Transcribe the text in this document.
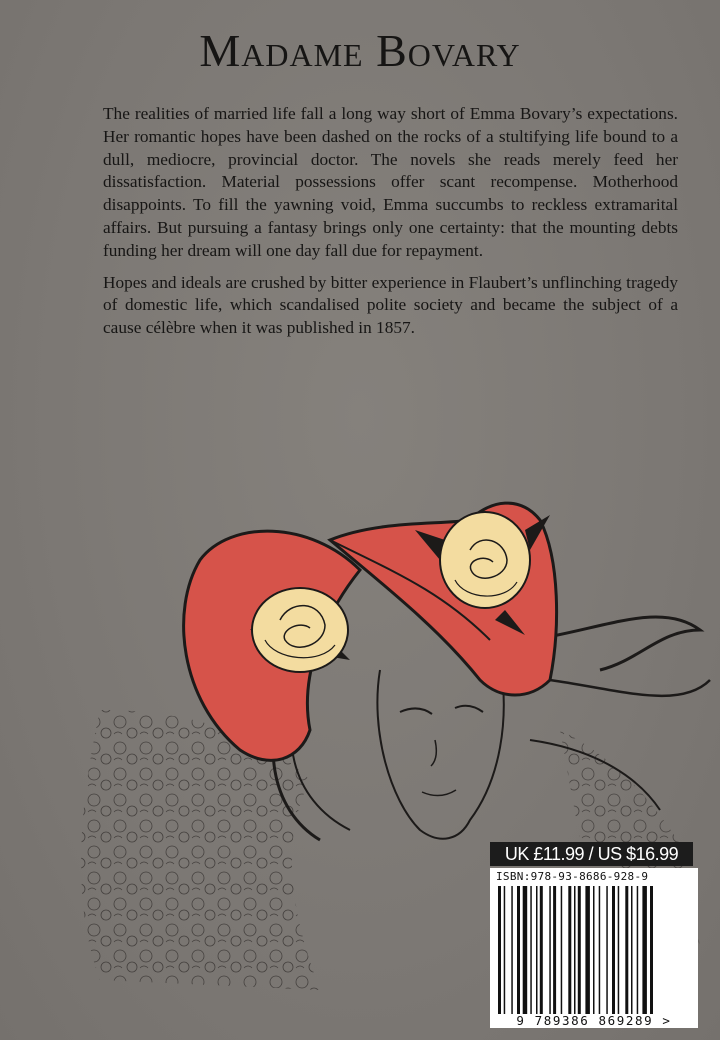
Madame Bovary

The realities of married life fall a long way short of Emma Bovary’s expectations. Her romantic hopes have been dashed on the rocks of a stultifying life bound to a dull, mediocre, provincial doctor. The novels she reads merely feed her dissatisfaction. Material possessions offer scant recompense. Motherhood disappoints. To fill the yawning void, Emma succumbs to reckless extramarital affairs. But pursuing a fantasy brings only one certainty: that the mounting debts funding her dream will one day fall due for repayment.

Hopes and ideals are crushed by bitter experience in Flaubert’s unflinching tragedy of domestic life, which scandalised polite society and became the subject of a cause célèbre when it was published in 1857.

UK £11.99 / US $16.99
ISBN:978-93-8686-928-9
9 789386 869289 >
